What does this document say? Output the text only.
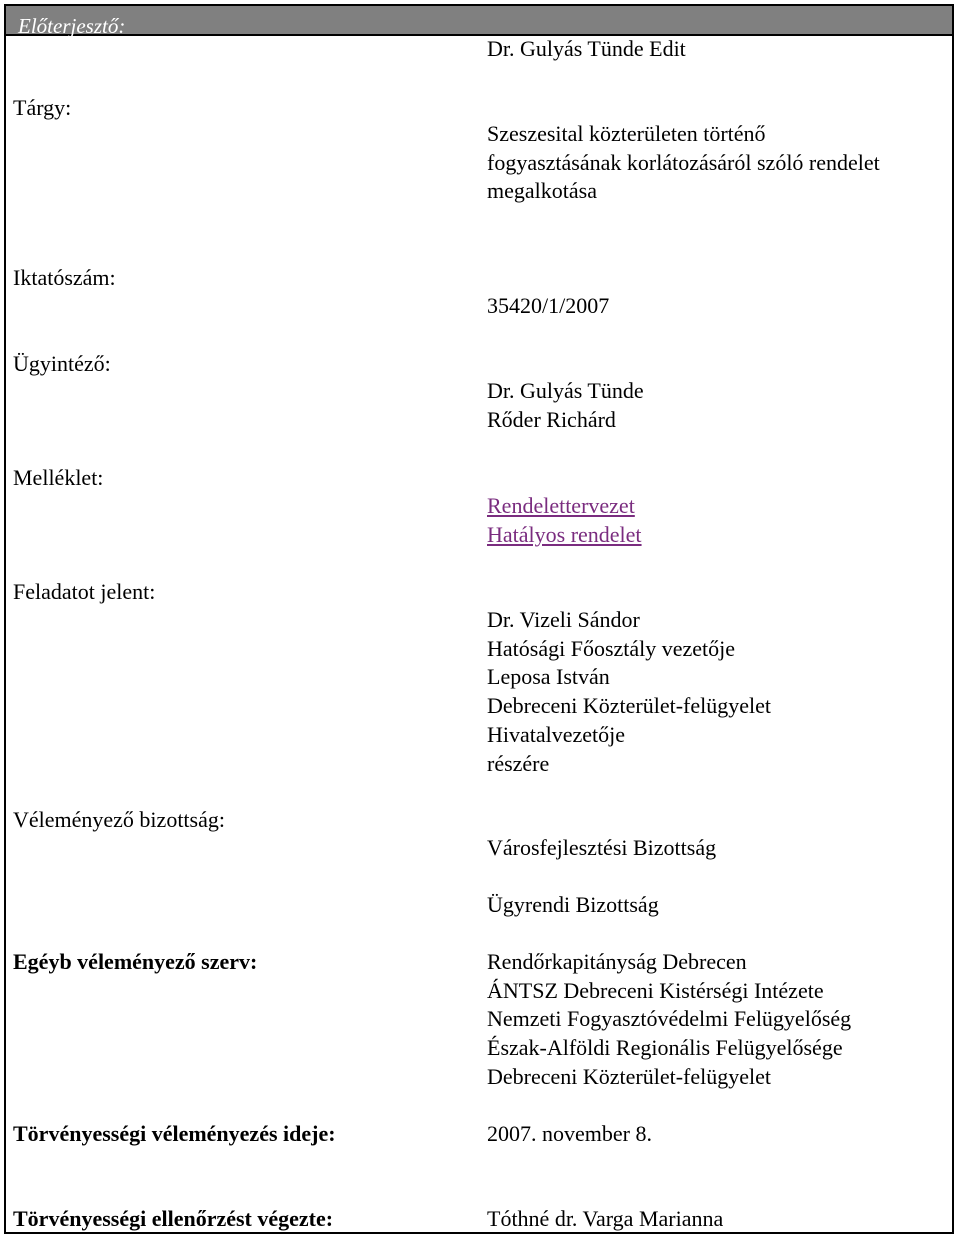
Előterjesztő:
Dr. Gulyás Tünde Edit
Tárgy:
Szeszesital közterületen történő
fogyasztásának korlátozásáról szóló rendelet
megalkotása
Iktatószám:
35420/1/2007
Ügyintéző:
Dr. Gulyás Tünde
Rőder Richárd
Melléklet:
Rendelettervezet
Hatályos rendelet
Feladatot jelent:
Dr. Vizeli Sándor
Hatósági Főosztály vezetője
Leposa István
Debreceni Közterület-felügyelet
Hivatalvezetője
részére
Véleményező bizottság:
Városfejlesztési Bizottság
Ügyrendi Bizottság
Egéyb véleményező szerv:	Rendőrkapitányság Debrecen
ÁNTSZ Debreceni Kistérségi Intézete
Nemzeti Fogyasztóvédelmi Felügyelőség
Észak-Alföldi Regionális Felügyelősége
Debreceni Közterület-felügyelet
Törvényességi véleményezés ideje:	2007. november 8.
Törvényességi ellenőrzést végezte:	Tóthné dr. Varga Marianna
